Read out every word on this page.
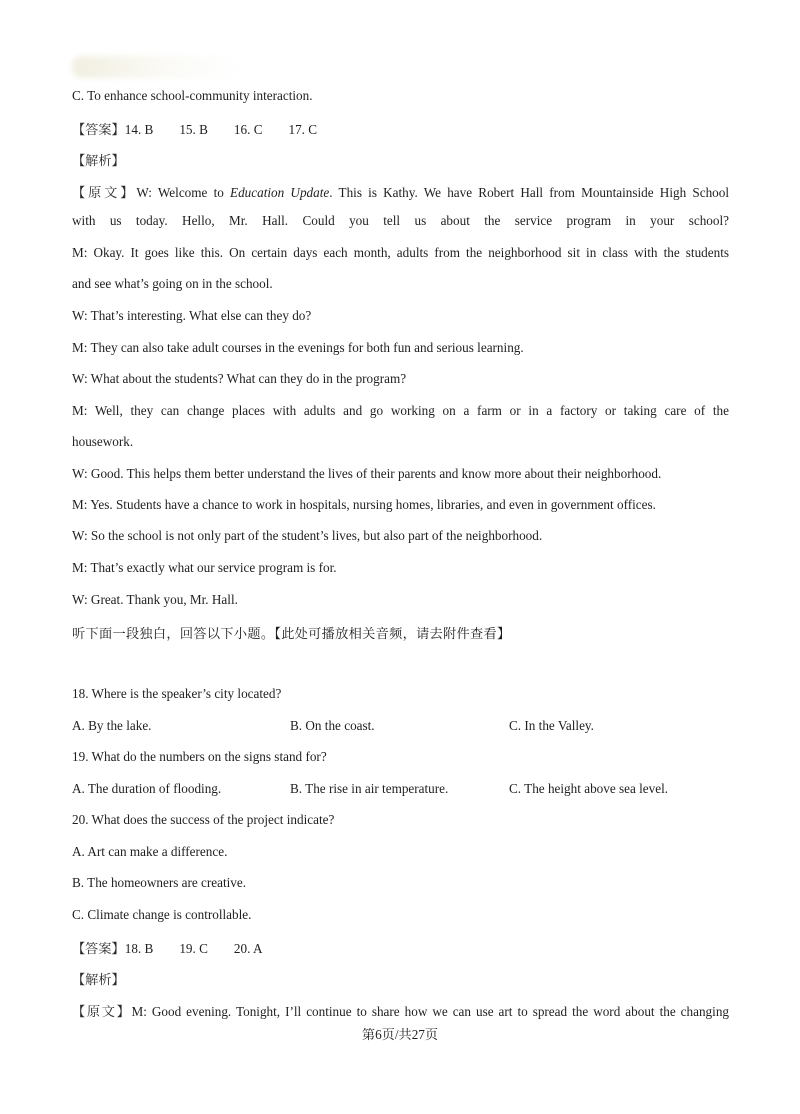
C. To enhance school-community interaction.
【答案】14. B 15. B 16. C 17. C
【解析】
【原文】W: Welcome to Education Update. This is Kathy. We have Robert Hall from Mountainside High School
with us today. Hello, Mr. Hall. Could you tell us about the service program in your school?
M: Okay. It goes like this. On certain days each month, adults from the neighborhood sit in class with the students
and see what’s going on in the school.
W: That’s interesting. What else can they do?
M: They can also take adult courses in the evenings for both fun and serious learning.
W: What about the students? What can they do in the program?
M: Well, they can change places with adults and go working on a farm or in a factory or taking care of the
housework.
W: Good. This helps them better understand the lives of their parents and know more about their neighborhood.
M: Yes. Students have a chance to work in hospitals, nursing homes, libraries, and even in government offices.
W: So the school is not only part of the student’s lives, but also part of the neighborhood.
M: That’s exactly what our service program is for.
W: Great. Thank you, Mr. Hall.
听下面一段独白，回答以下小题。【此处可播放相关音频，请去附件查看】
18. Where is the speaker’s city located?
A. By the lake.	B. On the coast.	C. In the Valley.
19. What do the numbers on the signs stand for?
A. The duration of flooding.	B. The rise in air temperature.	C. The height above sea level.
20. What does the success of the project indicate?
A. Art can make a difference.
B. The homeowners are creative.
C. Climate change is controllable.
【答案】18. B 19. C 20. A
【解析】
【原文】M: Good evening. Tonight, I’ll continue to share how we can use art to spread the word about the changing
第6页/共27页
